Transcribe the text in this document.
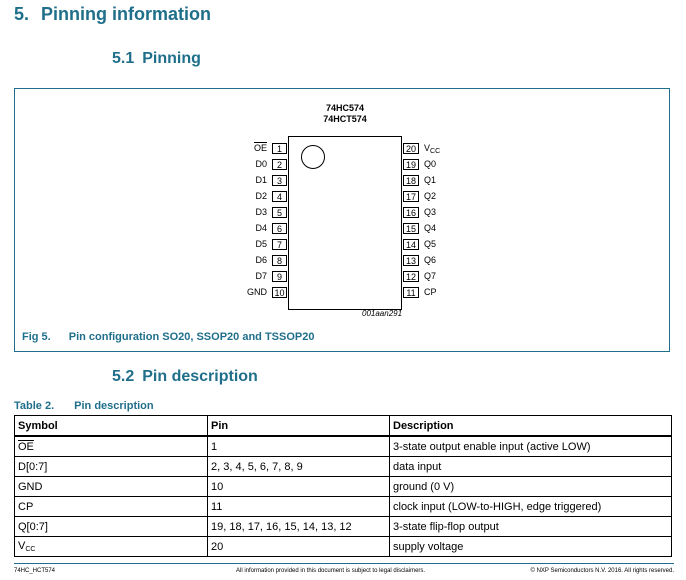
5. Pinning information
5.1 Pinning
74HC574
74HCT574
$\overline{OE}$	1
D0	2
D1	3
D2	4
D3	5
D4	6
D5	7
D6	8
D7	9
GND 10
20 $V_{CC}$
19 Q0
18 Q1
17 Q2
16 Q3
15 Q4
14 Q5
13 Q6
12 Q7
11 CP
001aan291
Fig 5. Pin configuration SO20, SSOP20 and TSSOP20
5.2 Pin description
Table 2. Pin description
Symbol	Pin	Description
$\overline{OE}$	1	3-state output enable input (active LOW)
D[0:7]	2, 3, 4, 5, 6, 7, 8, 9	data input
GND	10	ground (0 V)
CP	11	clock input (LOW-to-HIGH, edge triggered)
Q[0:7]	19, 18, 17, 16, 15, 14, 13, 12	3-state flip-flop output
$V_{CC}$	20	supply voltage
74HC_HCT574	All information provided in this document is subject to legal disclaimers.	© NXP Semiconductors N.V. 2016. All rights reserved.
